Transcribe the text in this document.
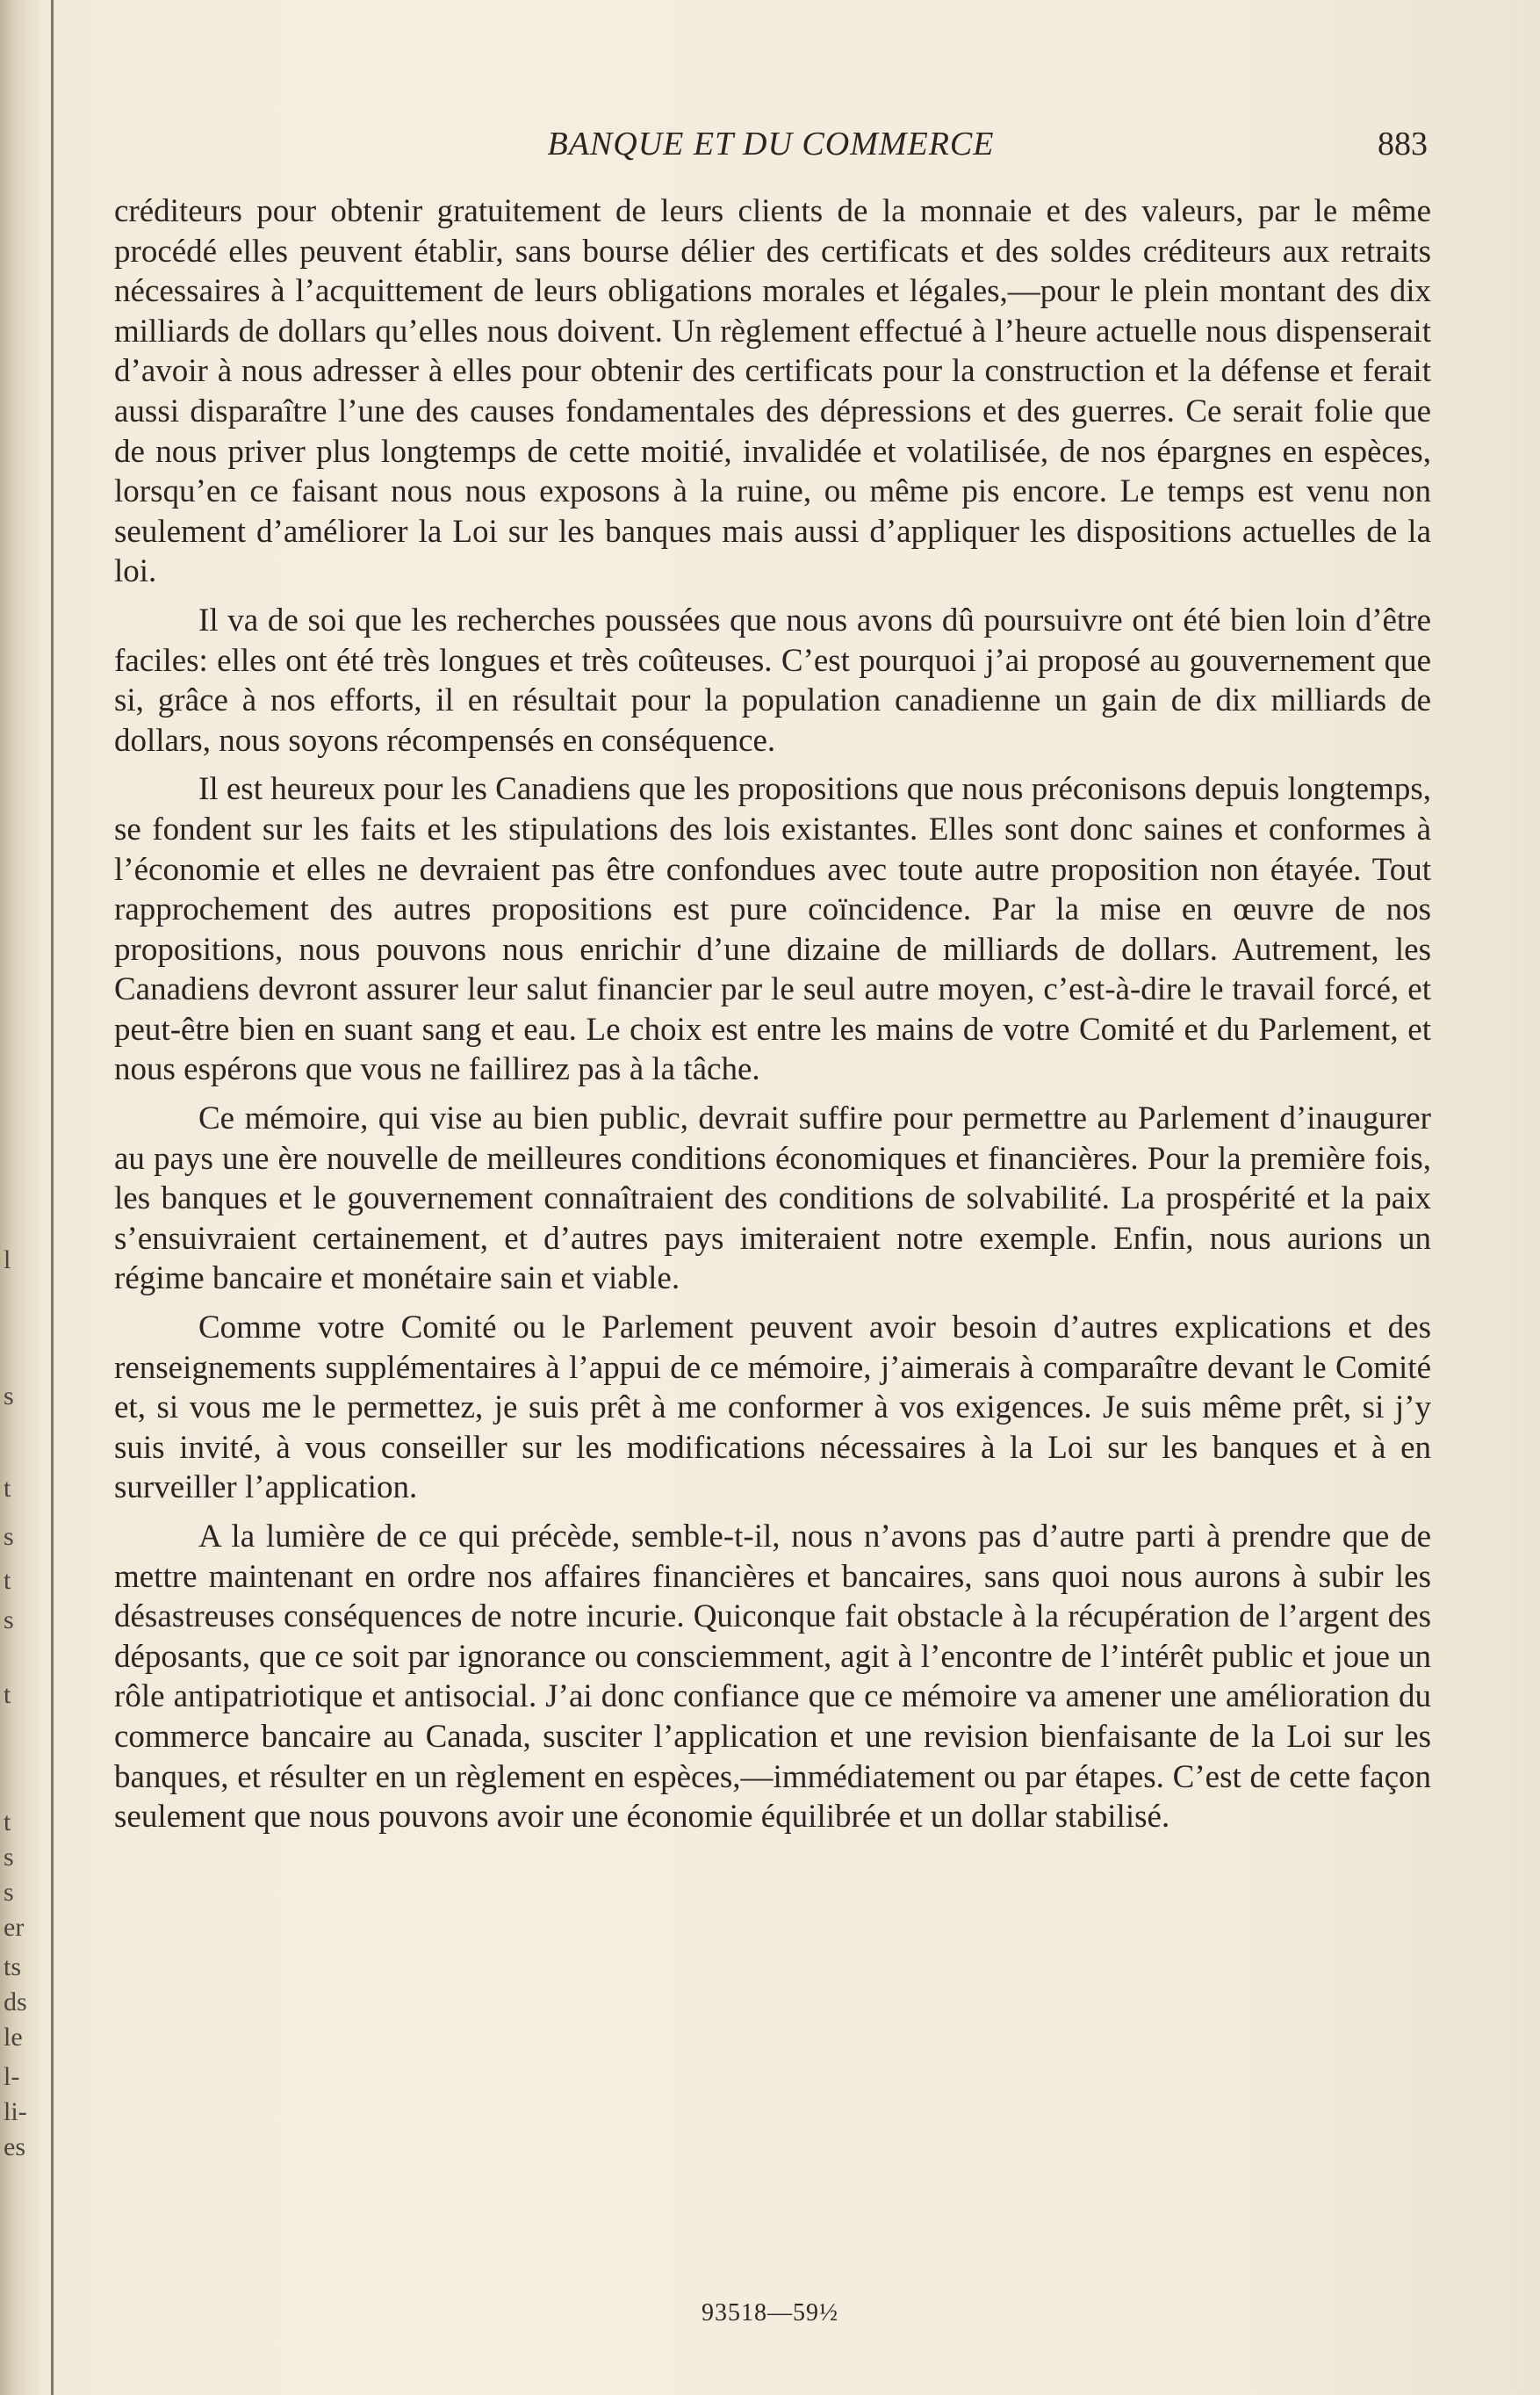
l
s
t
s
t
s
t
t
s
s
er
ts
ds
le
l-
li-
es
BANQUE ET DU COMMERCE	883

créditeurs pour obtenir gratuitement de leurs clients de la monnaie et des valeurs, par le même procédé elles peuvent établir, sans bourse délier des certificats et des soldes créditeurs aux retraits nécessaires à l’acquittement de leurs obligations morales et légales,—pour le plein montant des dix milliards de dollars qu’elles nous doivent. Un règlement effectué à l’heure actuelle nous dispenserait d’avoir à nous adresser à elles pour obtenir des certificats pour la construction et la défense et ferait aussi disparaître l’une des causes fondamentales des dépressions et des guerres. Ce serait folie que de nous priver plus longtemps de cette moitié, invalidée et volatilisée, de nos épargnes en espèces, lorsqu’en ce faisant nous nous exposons à la ruine, ou même pis encore. Le temps est venu non seulement d’améliorer la Loi sur les banques mais aussi d’appliquer les dispositions actuelles de la loi.

Il va de soi que les recherches poussées que nous avons dû poursuivre ont été bien loin d’être faciles: elles ont été très longues et très coûteuses. C’est pourquoi j’ai proposé au gouvernement que si, grâce à nos efforts, il en résultait pour la population canadienne un gain de dix milliards de dollars, nous soyons récompensés en conséquence.

Il est heureux pour les Canadiens que les propositions que nous préconisons depuis longtemps, se fondent sur les faits et les stipulations des lois existantes. Elles sont donc saines et conformes à l’économie et elles ne devraient pas être confondues avec toute autre proposition non étayée. Tout rapprochement des autres propositions est pure coïncidence. Par la mise en œuvre de nos propositions, nous pouvons nous enrichir d’une dizaine de milliards de dollars. Autrement, les Canadiens devront assurer leur salut financier par le seul autre moyen, c’est-à-dire le travail forcé, et peut-être bien en suant sang et eau. Le choix est entre les mains de votre Comité et du Parlement, et nous espérons que vous ne faillirez pas à la tâche.

Ce mémoire, qui vise au bien public, devrait suffire pour permettre au Parlement d’inaugurer au pays une ère nouvelle de meilleures conditions économiques et financières. Pour la première fois, les banques et le gouvernement connaîtraient des conditions de solvabilité. La prospérité et la paix s’ensuivraient certainement, et d’autres pays imiteraient notre exemple. Enfin, nous aurions un régime bancaire et monétaire sain et viable.

Comme votre Comité ou le Parlement peuvent avoir besoin d’autres explications et des renseignements supplémentaires à l’appui de ce mémoire, j’aimerais à comparaître devant le Comité et, si vous me le permettez, je suis prêt à me conformer à vos exigences. Je suis même prêt, si j’y suis invité, à vous conseiller sur les modifications nécessaires à la Loi sur les banques et à en surveiller l’application.

A la lumière de ce qui précède, semble-t-il, nous n’avons pas d’autre parti à prendre que de mettre maintenant en ordre nos affaires financières et bancaires, sans quoi nous aurons à subir les désastreuses conséquences de notre incurie. Quiconque fait obstacle à la récupération de l’argent des déposants, que ce soit par ignorance ou consciemment, agit à l’encontre de l’intérêt public et joue un rôle antipatriotique et antisocial. J’ai donc confiance que ce mémoire va amener une amélioration du commerce bancaire au Canada, susciter l’application et une revision bienfaisante de la Loi sur les banques, et résulter en un règlement en espèces,—immédiatement ou par étapes. C’est de cette façon seulement que nous pouvons avoir une économie équilibrée et un dollar stabilisé.

93518—59½
